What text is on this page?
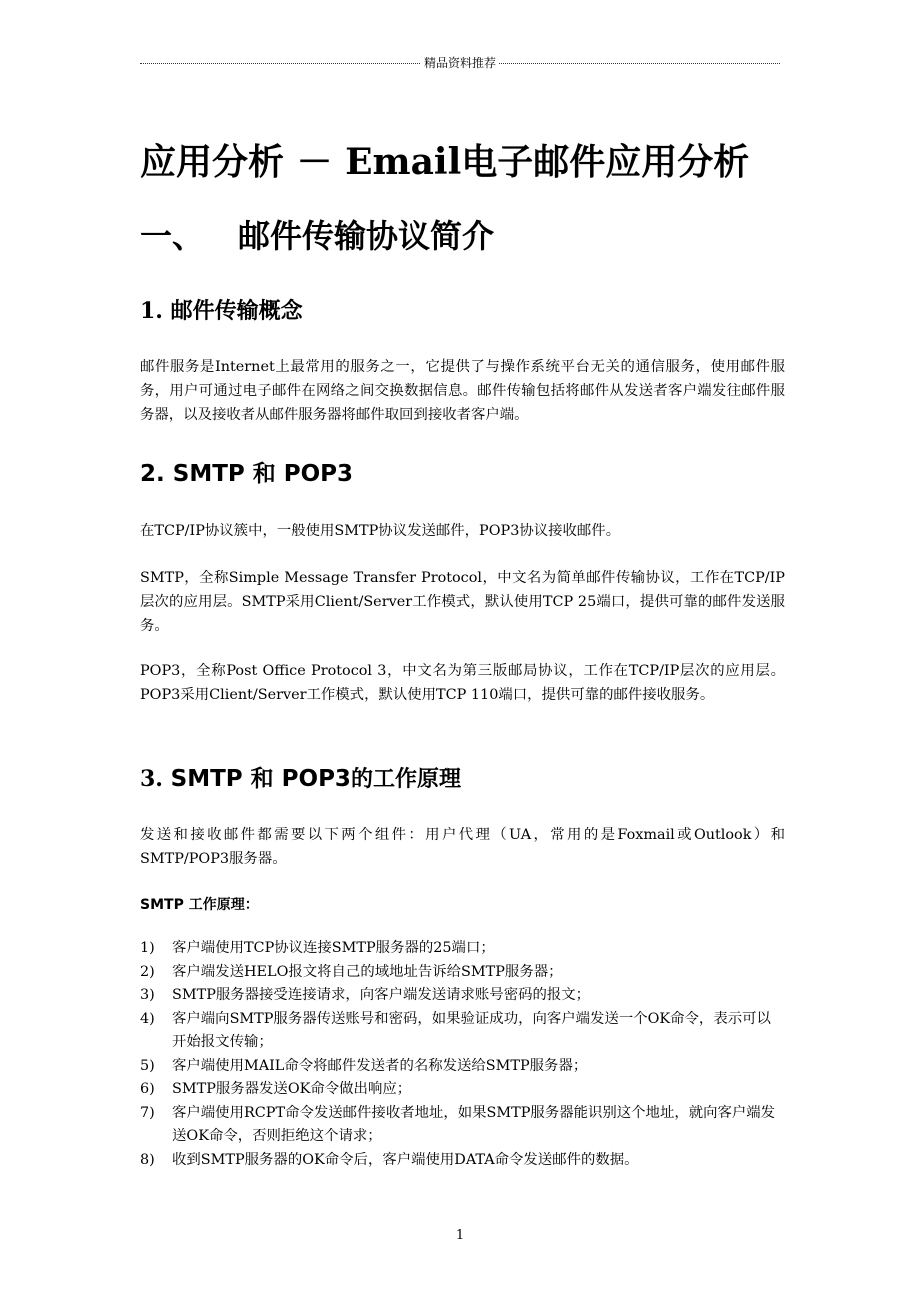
精品资料推荐
应用分析 － Email电子邮件应用分析
一、 邮件传输协议简介
1. 邮件传输概念
邮件服务是Internet上最常用的服务之一，它提供了与操作系统平台无关的通信服务，使用邮件服务，用户可通过电子邮件在网络之间交换数据信息。邮件传输包括将邮件从发送者客户端发往邮件服务器，以及接收者从邮件服务器将邮件取回到接收者客户端。
2. SMTP 和 POP3
在TCP/IP协议簇中，一般使用SMTP协议发送邮件，POP3协议接收邮件。
SMTP，全称Simple Message Transfer Protocol，中文名为简单邮件传输协议，工作在TCP/IP层次的应用层。SMTP采用Client/Server工作模式，默认使用TCP 25端口，提供可靠的邮件发送服务。
POP3，全称Post Office Protocol 3，中文名为第三版邮局协议，工作在TCP/IP层次的应用层。POP3采用Client/Server工作模式，默认使用TCP 110端口，提供可靠的邮件接收服务。
3. SMTP 和 POP3的工作原理
发送和接收邮件都需要以下两个组件：用户代理（UA，常用的是Foxmail或Outlook）和SMTP/POP3服务器。
SMTP 工作原理：
1) 客户端使用TCP协议连接SMTP服务器的25端口；
2) 客户端发送HELO报文将自己的域地址告诉给SMTP服务器；
3) SMTP服务器接受连接请求，向客户端发送请求账号密码的报文；
4) 客户端向SMTP服务器传送账号和密码，如果验证成功，向客户端发送一个OK命令，表示可以开始报文传输；
5) 客户端使用MAIL命令将邮件发送者的名称发送给SMTP服务器；
6) SMTP服务器发送OK命令做出响应；
7) 客户端使用RCPT命令发送邮件接收者地址，如果SMTP服务器能识别这个地址，就向客户端发送OK命令，否则拒绝这个请求；
8) 收到SMTP服务器的OK命令后，客户端使用DATA命令发送邮件的数据。
1
